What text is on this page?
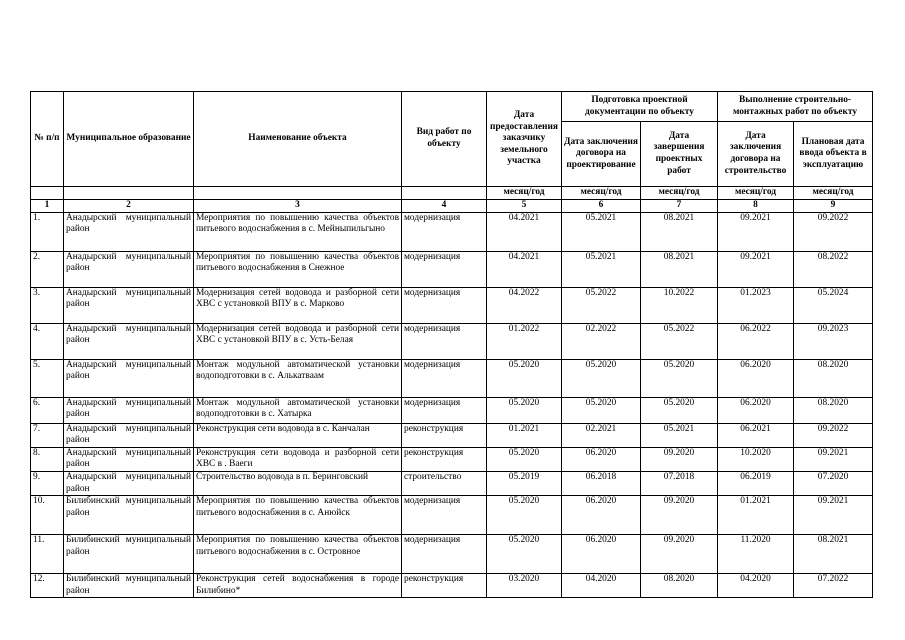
№ п/п	Муниципальное образование	Наименование объекта	Вид работ по объекту	Дата предоставления заказчику земельного участка	Подготовка проектной документации по объекту		Выполнение строительно-монтажных работ по объекту	
					Дата заключения договора на проектирование	Дата завершения проектных работ	Дата заключения договора на строительство	Плановая дата ввода объекта в эксплуатацию
				месяц/год	месяц/год	месяц/год	месяц/год	месяц/год
1	2	3	4	5	6	7	8	9
1.	Анадырский муниципальный район	Мероприятия по повышению качества объектов питьевого водоснабжения в с. Мейныпильгыно	модернизация	04.2021	05.2021	08.2021	09.2021	09.2022
2.	Анадырский муниципальный район	Мероприятия по повышению качества объектов питьевого водоснабжения в Снежное	модернизация	04.2021	05.2021	08.2021	09.2021	08.2022
3.	Анадырский муниципальный район	Модернизация сетей водовода и разборной сети ХВС с установкой ВПУ в с. Марково	модернизация	04.2022	05.2022	10.2022	01.2023	05.2024
4.	Анадырский муниципальный район	Модернизация сетей водовода и разборной сети ХВС с установкой ВПУ в с. Усть-Белая	модернизация	01.2022	02.2022	05.2022	06.2022	09.2023
5.	Анадырский муниципальный район	Монтаж модульной автоматической установки водоподготовки в с. Алькатваам	модернизация	05.2020	05.2020	05.2020	06.2020	08.2020
6.	Анадырский муниципальный район	Монтаж модульной автоматической установки водоподготовки в с. Хатырка	модернизация	05.2020	05.2020	05.2020	06.2020	08.2020
7.	Анадырский муниципальный район	Реконструкция сети водовода в с. Канчалан	реконструкция	01.2021	02.2021	05.2021	06.2021	09.2022
8.	Анадырский муниципальный район	Реконструкция сети водовода и разборной сети ХВС в . Ваеги	реконструкция	05.2020	06.2020	09.2020	10.2020	09.2021
9.	Анадырский муниципальный район	Строительство водовода в п. Беринговский	строительство	05.2019	06.2018	07.2018	06.2019	07.2020
10.	Билибинский муниципальный район	Мероприятия по повышению качества объектов питьевого водоснабжения в с. Анюйск	модернизация	05.2020	06.2020	09.2020	01.2021	09.2021
11.	Билибинский муниципальный район	Мероприятия по повышению качества объектов питьевого водоснабжения в с. Островное	модернизация	05.2020	06.2020	09.2020	11.2020	08.2021
12.	Билибинский муниципальный район	Реконструкция сетей водоснабжения в городе Билибино*	реконструкция	03.2020	04.2020	08.2020	04.2020	07.2022
